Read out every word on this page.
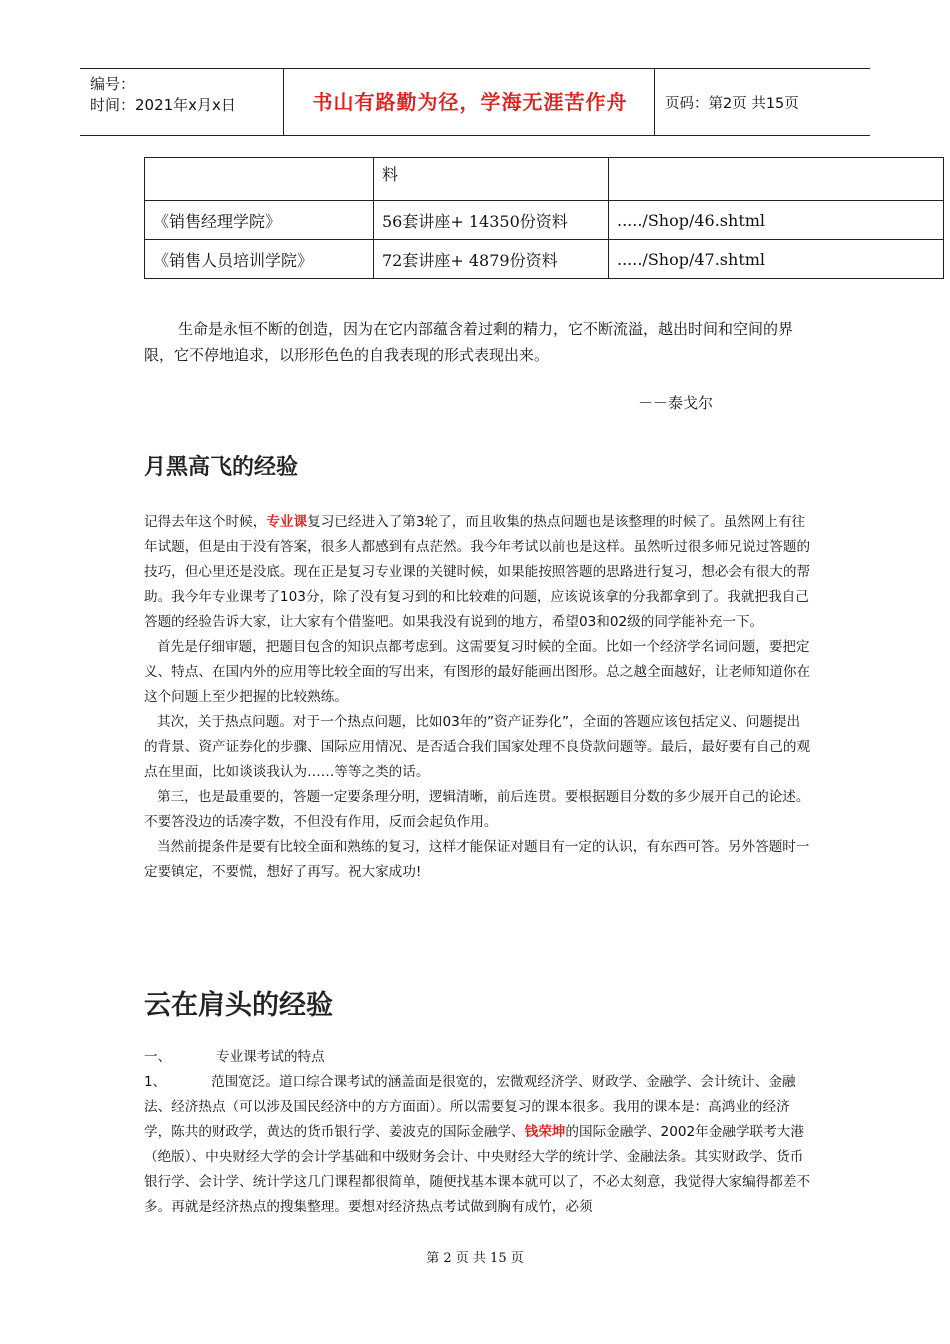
编号：
时间：2021年x月x日	书山有路勤为径，学海无涯苦作舟	页码：第2页 共15页
	料	
《销售经理学院》	56套讲座+ 14350份资料	...../Shop/46.shtml
《销售人员培训学院》	72套讲座+ 4879份资料	...../Shop/47.shtml
生命是永恒不断的创造，因为在它内部蕴含着过剩的精力，它不断流溢，越出时间和空间的界限，它不停地追求，以形形色色的自我表现的形式表现出来。
－－泰戈尔
月黑高飞的经验

记得去年这个时候，专业课复习已经进入了第3轮了，而且收集的热点问题也是该整理的时候了。虽然网上有往年试题，但是由于没有答案，很多人都感到有点茫然。我今年考试以前也是这样。虽然听过很多师兄说过答题的技巧，但心里还是没底。现在正是复习专业课的关键时候，如果能按照答题的思路进行复习，想必会有很大的帮助。我今年专业课考了103分，除了没有复习到的和比较难的问题，应该说该拿的分我都拿到了。我就把我自己答题的经验告诉大家，让大家有个借鉴吧。如果我没有说到的地方，希望03和02级的同学能补充一下。

首先是仔细审题，把题目包含的知识点都考虑到。这需要复习时候的全面。比如一个经济学名词问题，要把定义、特点、在国内外的应用等比较全面的写出来，有图形的最好能画出图形。总之越全面越好，让老师知道你在这个问题上至少把握的比较熟练。

其次，关于热点问题。对于一个热点问题，比如03年的”资产证券化”，全面的答题应该包括定义、问题提出的背景、资产证券化的步骤、国际应用情况、是否适合我们国家处理不良贷款问题等。最后，最好要有自己的观点在里面，比如谈谈我认为……等等之类的话。

第三，也是最重要的，答题一定要条理分明，逻辑清晰，前后连贯。要根据题目分数的多少展开自己的论述。不要答没边的话凑字数，不但没有作用，反而会起负作用。

当然前提条件是要有比较全面和熟练的复习，这样才能保证对题目有一定的认识，有东西可答。另外答题时一定要镇定，不要慌，想好了再写。祝大家成功!

云在肩头的经验

一、	专业课考试的特点

1、	范围宽泛。道口综合课考试的涵盖面是很宽的，宏微观经济学、财政学、金融学、会计统计、金融法、经济热点（可以涉及国民经济中的方方面面）。所以需要复习的课本很多。我用的课本是：高鸿业的经济学，陈共的财政学，黄达的货币银行学、姜波克的国际金融学、钱荣坤的国际金融学、2002年金融学联考大港（绝版）、中央财经大学的会计学基础和中级财务会计、中央财经大学的统计学、金融法条。其实财政学、货币银行学、会计学、统计学这几门课程都很简单，随便找基本课本就可以了，不必太刻意，我觉得大家编得都差不多。再就是经济热点的搜集整理。要想对经济热点考试做到胸有成竹，必须

第 2 页 共 15 页
